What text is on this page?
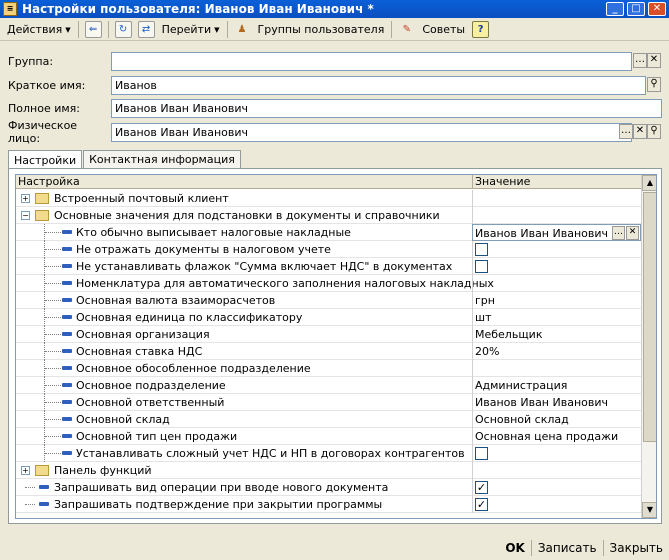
≡ Настройки пользователя: Иванов Иван Иванович *	_	□	✕
Действия ▼	⇐	↻	⇄	Перейти ▼	♟	Группы пользователя	✎	Советы	?
Группа:	… ✕
Краткое имя:	Иванов	⚲
Полное имя:	Иванов Иван Иванович
Физическое лицо:	Иванов Иван Иванович	… ✕ ⚲
Настройки	Контактная информация
Настройка	Значение
+ Встроенный почтовый клиент
− Основные значения для подстановки в документы и справочники
Кто обычно выписывает налоговые накладные	Иванов Иван Иванович … ✕
Не отражать документы в налоговом учете
Не устанавливать флажок "Сумма включает НДС" в документах
Номенклатура для автоматического заполнения налоговых накладных
Основная валюта взаиморасчетов	грн
Основная единица по классификатору	шт
Основная организация	Мебельщик
Основная ставка НДС	20%
Основное обособленное подразделение
Основное подразделение	Администрация
Основной ответственный	Иванов Иван Иванович
Основной склад	Основной склад
Основной тип цен продажи	Основная цена продажи
Устанавливать сложный учет НДС и НП в договорах контрагентов
+ Панель функций
Запрашивать вид операции при вводе нового документа	✓
Запрашивать подтверждение при закрытии программы	✓
▲
▼
OK	Записать	Закрыть
